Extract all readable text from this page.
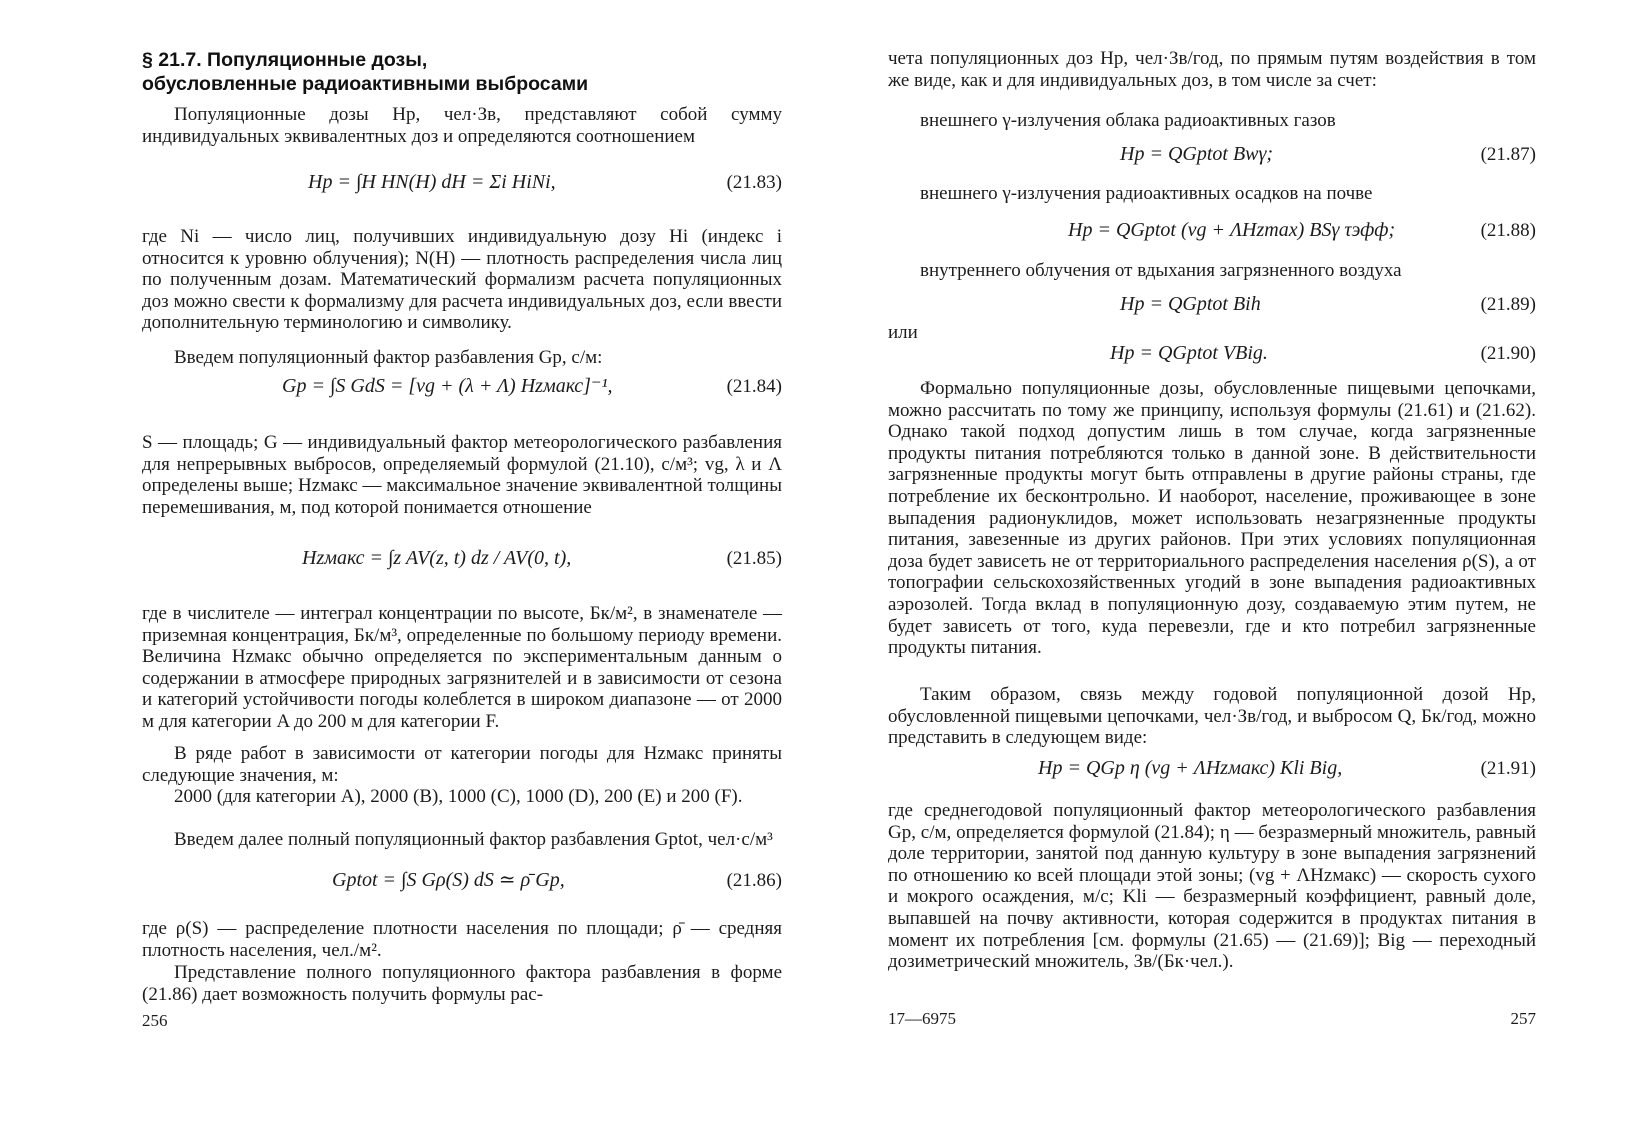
§ 21.7. Популяционные дозы,
обусловленные радиоактивными выбросами

Популяционные дозы Hp, чел·Зв, представляют собой сумму индивидуальных эквивалентных доз и определяются соотношением

Hp = ∫H HN(H) dH = Σi HiNi,	(21.83)

где Ni — число лиц, получивших индивидуальную дозу Hi (индекс i относится к уровню облучения); N(H) — плотность распределения числа лиц по полученным дозам. Математический формализм расчета популяционных доз можно свести к формализму для расчета индивидуальных доз, если ввести дополнительную терминологию и символику.

Введем популяционный фактор разбавления Gp, с/м:

Gp = ∫S GdS = [vg + (λ + Λ) Hzмакс]⁻¹,	(21.84)

S — площадь; G — индивидуальный фактор метеорологического разбавления для непрерывных выбросов, определяемый формулой (21.10), с/м³; vg, λ и Λ определены выше; Hzмакс — максимальное значение эквивалентной толщины перемешивания, м, под которой понимается отношение

Hzмакс = ∫z AV(z, t) dz / AV(0, t),	(21.85)

где в числителе — интеграл концентрации по высоте, Бк/м², в знаменателе — приземная концентрация, Бк/м³, определенные по большому периоду времени. Величина Hzмакс обычно определяется по экспериментальным данным о содержании в атмосфере природных загрязнителей и в зависимости от сезона и категорий устойчивости погоды колеблется в широком диапазоне — от 2000 м для категории A до 200 м для категории F.

В ряде работ в зависимости от категории погоды для Hzмакс приняты следующие значения, м:

2000 (для категории A), 2000 (B), 1000 (C), 1000 (D), 200 (E) и 200 (F).

Введем далее полный популяционный фактор разбавления Gptot, чел·с/м³

Gptot = ∫S Gρ(S) dS ≃ ρ̄ Gp,	(21.86)

где ρ(S) — распределение плотности населения по площади; ρ̄ — средняя плотность населения, чел./м².

Представление полного популяционного фактора разбавления в форме (21.86) дает возможность получить формулы рас-

256

чета популяционных доз Hp, чел·Зв/год, по прямым путям воздействия в том же виде, как и для индивидуальных доз, в том числе за счет:

внешнего γ-излучения облака радиоактивных газов

Hp = QGptot Bwγ;	(21.87)

внешнего γ-излучения радиоактивных осадков на почве

Hp = QGptot (vg + ΛHzmax) BSγ τэфф;	(21.88)

внутреннего облучения от вдыхания загрязненного воздуха

Hp = QGptot Bih	(21.89)

или

Hp = QGptot VBig.	(21.90)

Формально популяционные дозы, обусловленные пищевыми цепочками, можно рассчитать по тому же принципу, используя формулы (21.61) и (21.62). Однако такой подход допустим лишь в том случае, когда загрязненные продукты питания потребляются только в данной зоне. В действительности загрязненные продукты могут быть отправлены в другие районы страны, где потребление их бесконтрольно. И наоборот, население, проживающее в зоне выпадения радионуклидов, может использовать незагрязненные продукты питания, завезенные из других районов. При этих условиях популяционная доза будет зависеть не от территориального распределения населения ρ(S), а от топографии сельскохозяйственных угодий в зоне выпадения радиоактивных аэрозолей. Тогда вклад в популяционную дозу, создаваемую этим путем, не будет зависеть от того, куда перевезли, где и кто потребил загрязненные продукты питания.

Таким образом, связь между годовой популяционной дозой Hp, обусловленной пищевыми цепочками, чел·Зв/год, и выбросом Q, Бк/год, можно представить в следующем виде:

Hp = QGp η (vg + ΛHzмакс) Kli Big,	(21.91)

где среднегодовой популяционный фактор метеорологического разбавления Gp, с/м, определяется формулой (21.84); η — безразмерный множитель, равный доле территории, занятой под данную культуру в зоне выпадения загрязнений по отношению ко всей площади этой зоны; (vg + ΛHzмакс) — скорость сухого и мокрого осаждения, м/с; Kli — безразмерный коэффициент, равный доле, выпавшей на почву активности, которая содержится в продуктах питания в момент их потребления [см. формулы (21.65) — (21.69)]; Big — переходный дозиметрический множитель, Зв/(Бк·чел.).

17—6975	257
